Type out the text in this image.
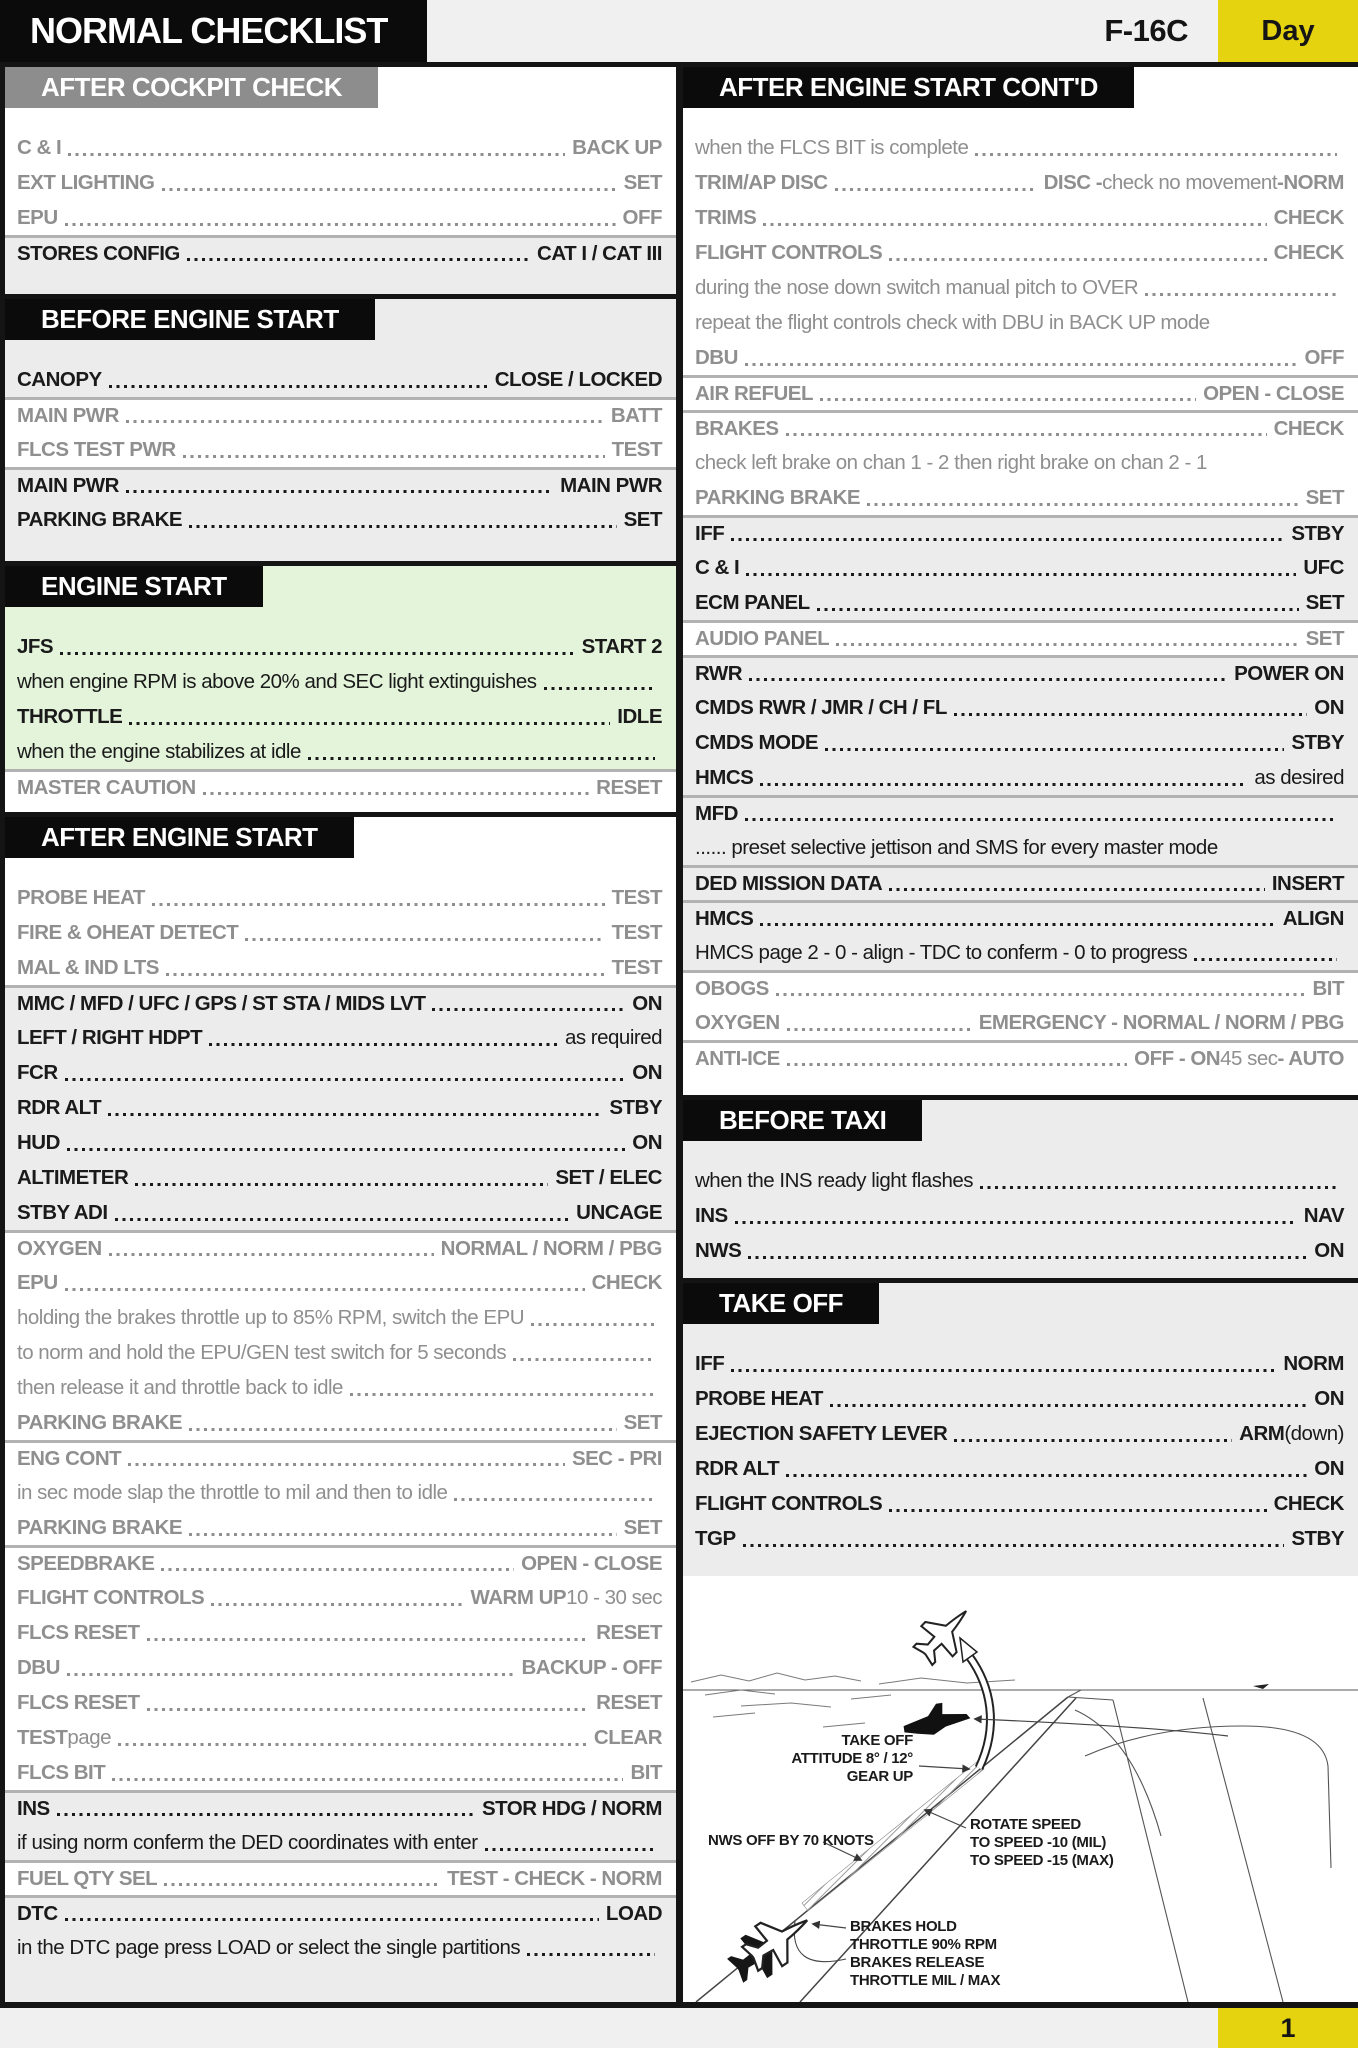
NORMAL CHECKLIST	F-16C	Day
AFTER COCKPIT CHECK
C & I	BACK UP
EXT LIGHTING	SET
EPU	OFF
STORES CONFIG	CAT I / CAT III
BEFORE ENGINE START
CANOPY	CLOSE / LOCKED
MAIN PWR	BATT
FLCS TEST PWR	TEST
MAIN PWR	MAIN PWR
PARKING BRAKE	SET
ENGINE START
JFS	START 2
when engine RPM is above 20% and SEC light extinguishes
THROTTLE	IDLE
when the engine stabilizes at idle
MASTER CAUTION	RESET
AFTER ENGINE START
PROBE HEAT	TEST
FIRE & OHEAT DETECT	TEST
MAL & IND LTS	TEST
MMC / MFD / UFC / GPS / ST STA / MIDS LVT	ON
LEFT / RIGHT HDPT	as required
FCR	ON
RDR ALT	STBY
HUD	ON
ALTIMETER	SET / ELEC
STBY ADI	UNCAGE
OXYGEN	NORMAL / NORM / PBG
EPU	CHECK
holding the brakes throttle up to 85% RPM, switch the EPU
to norm and hold the EPU/GEN test switch for 5 seconds
then release it and throttle back to idle
PARKING BRAKE	SET
ENG CONT	SEC - PRI
in sec mode slap the throttle to mil and then to idle
PARKING BRAKE	SET
SPEEDBRAKE	OPEN - CLOSE
FLIGHT CONTROLS	WARM UP 10 - 30 sec
FLCS RESET	RESET
DBU	BACKUP - OFF
FLCS RESET	RESET
TEST page	CLEAR
FLCS BIT	BIT
INS	STOR HDG / NORM
if using norm conferm the DED coordinates with enter
FUEL QTY SEL	TEST - CHECK - NORM
DTC	LOAD
in the DTC page press LOAD or select the single partitions
AFTER ENGINE START CONT'D
when the FLCS BIT is complete
TRIM/AP DISC	DISC - check no movement - NORM
TRIMS	CHECK
FLIGHT CONTROLS	CHECK
during the nose down switch manual pitch to OVER
repeat the flight controls check with DBU in BACK UP mode
DBU	OFF
AIR REFUEL	OPEN - CLOSE
BRAKES	CHECK
check left brake on chan 1 - 2 then right brake on chan 2 - 1
PARKING BRAKE	SET
IFF	STBY
C & I	UFC
ECM PANEL	SET
AUDIO PANEL	SET
RWR	POWER ON
CMDS RWR / JMR / CH / FL	ON
CMDS MODE	STBY
HMCS	as desired
MFD
...... preset selective jettison and SMS for every master mode
DED MISSION DATA	INSERT
HMCS	ALIGN
HMCS page 2 - 0 - align - TDC to conferm - 0 to progress
OBOGS	BIT
OXYGEN	EMERGENCY - NORMAL / NORM / PBG
ANTI-ICE	OFF - ON 45 sec - AUTO
BEFORE TAXI
when the INS ready light flashes
INS	NAV
NWS	ON
TAKE OFF
IFF	NORM
PROBE HEAT	ON
EJECTION SAFETY LEVER	ARM (down)
RDR ALT	ON
FLIGHT CONTROLS	CHECK
TGP	STBY
TAKE OFF
ATTITUDE 8° / 12°
GEAR UP
NWS OFF BY 70 KNOTS
ROTATE SPEED
TO SPEED -10 (MIL)
TO SPEED -15 (MAX)
BRAKES HOLD
THROTTLE 90% RPM
BRAKES RELEASE
THROTTLE MIL / MAX
1
